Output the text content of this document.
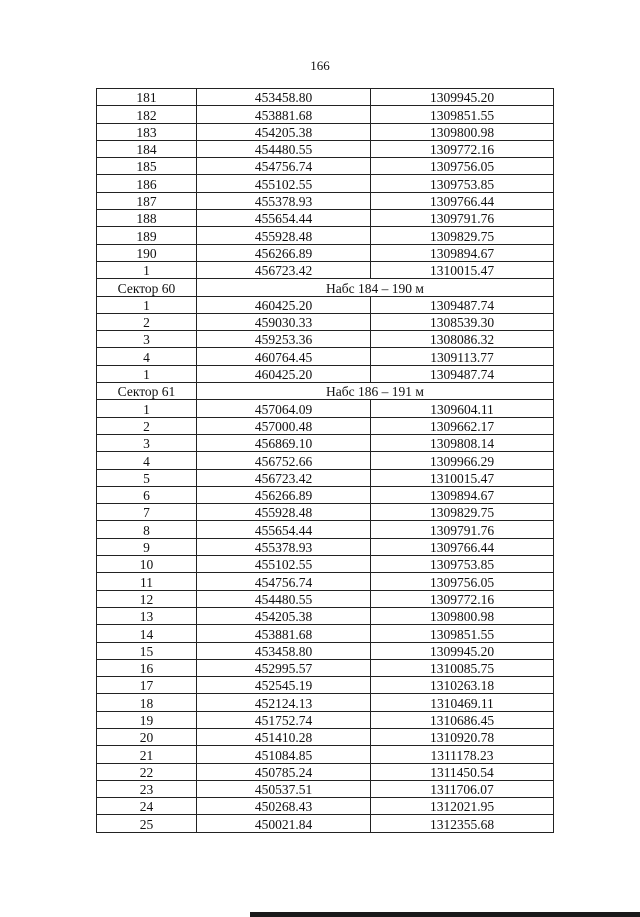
166
181	453458.80	1309945.20
182	453881.68	1309851.55
183	454205.38	1309800.98
184	454480.55	1309772.16
185	454756.74	1309756.05
186	455102.55	1309753.85
187	455378.93	1309766.44
188	455654.44	1309791.76
189	455928.48	1309829.75
190	456266.89	1309894.67
1	456723.42	1310015.47
Сектор 60	Набс 184 – 190 м	
1	460425.20	1309487.74
2	459030.33	1308539.30
3	459253.36	1308086.32
4	460764.45	1309113.77
1	460425.20	1309487.74
Сектор 61	Набс 186 – 191 м	
1	457064.09	1309604.11
2	457000.48	1309662.17
3	456869.10	1309808.14
4	456752.66	1309966.29
5	456723.42	1310015.47
6	456266.89	1309894.67
7	455928.48	1309829.75
8	455654.44	1309791.76
9	455378.93	1309766.44
10	455102.55	1309753.85
11	454756.74	1309756.05
12	454480.55	1309772.16
13	454205.38	1309800.98
14	453881.68	1309851.55
15	453458.80	1309945.20
16	452995.57	1310085.75
17	452545.19	1310263.18
18	452124.13	1310469.11
19	451752.74	1310686.45
20	451410.28	1310920.78
21	451084.85	1311178.23
22	450785.24	1311450.54
23	450537.51	1311706.07
24	450268.43	1312021.95
25	450021.84	1312355.68
